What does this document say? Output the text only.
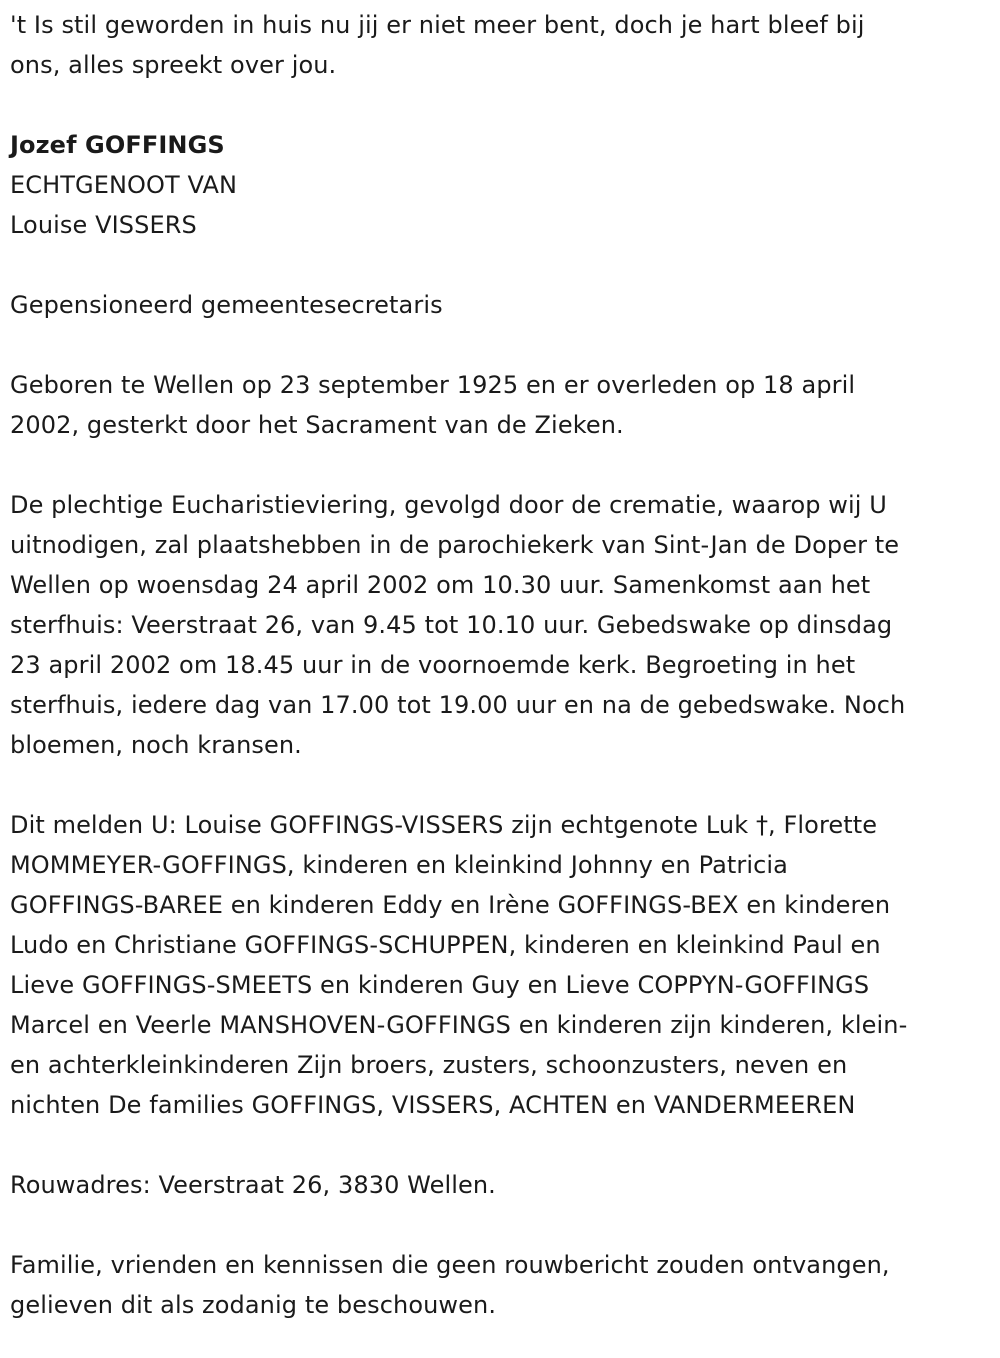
't Is stil geworden in huis nu jij er niet meer bent, doch je hart bleef bij
ons, alles spreekt over jou.

Jozef GOFFINGS

ECHTGENOOT VAN

Louise VISSERS

Gepensioneerd gemeentesecretaris

Geboren te Wellen op 23 september 1925 en er overleden op 18 april
2002, gesterkt door het Sacrament van de Zieken.

De plechtige Eucharistieviering, gevolgd door de crematie, waarop wij U
uitnodigen, zal plaatshebben in de parochiekerk van Sint-Jan de Doper te
Wellen op woensdag 24 april 2002 om 10.30 uur. Samenkomst aan het
sterfhuis: Veerstraat 26, van 9.45 tot 10.10 uur. Gebedswake op dinsdag
23 april 2002 om 18.45 uur in de voornoemde kerk. Begroeting in het
sterfhuis, iedere dag van 17.00 tot 19.00 uur en na de gebedswake. Noch
bloemen, noch kransen.

Dit melden U: Louise GOFFINGS-VISSERS zijn echtgenote Luk †, Florette
MOMMEYER-GOFFINGS, kinderen en kleinkind Johnny en Patricia
GOFFINGS-BAREE en kinderen Eddy en Irène GOFFINGS-BEX en kinderen
Ludo en Christiane GOFFINGS-SCHUPPEN, kinderen en kleinkind Paul en
Lieve GOFFINGS-SMEETS en kinderen Guy en Lieve COPPYN-GOFFINGS
Marcel en Veerle MANSHOVEN-GOFFINGS en kinderen zijn kinderen, klein-
en achterkleinkinderen Zijn broers, zusters, schoonzusters, neven en
nichten De families GOFFINGS, VISSERS, ACHTEN en VANDERMEEREN

Rouwadres: Veerstraat 26, 3830 Wellen.

Familie, vrienden en kennissen die geen rouwbericht zouden ontvangen,
gelieven dit als zodanig te beschouwen.
